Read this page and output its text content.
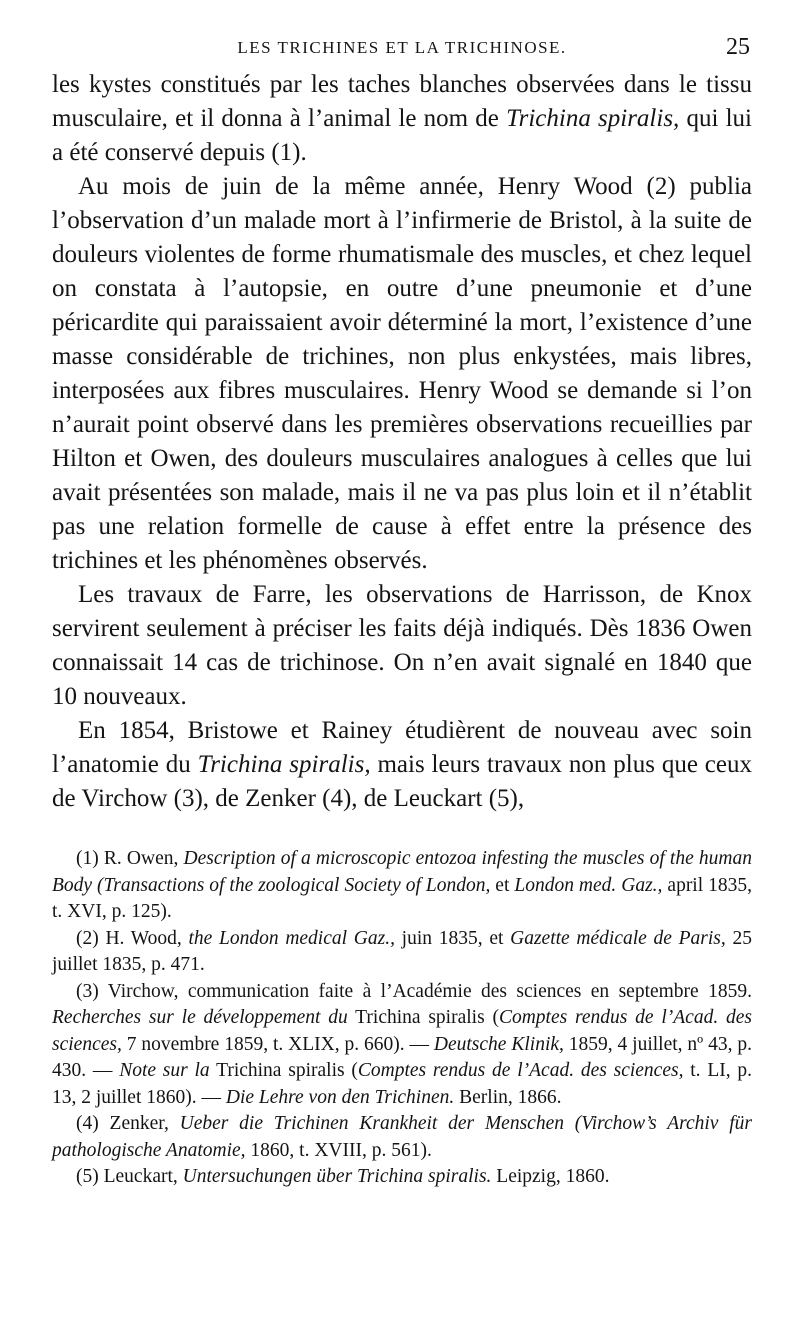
LES TRICHINES ET LA TRICHINOSE.	25

les kystes constitués par les taches blanches observées dans le tissu musculaire, et il donna à l’animal le nom de Trichina spiralis, qui lui a été conservé depuis (1).

Au mois de juin de la même année, Henry Wood (2) publia l’observation d’un malade mort à l’infirmerie de Bristol, à la suite de douleurs violentes de forme rhumatismale des muscles, et chez lequel on constata à l’autopsie, en outre d’une pneumonie et d’une péricardite qui paraissaient avoir déterminé la mort, l’existence d’une masse considérable de trichines, non plus enkystées, mais libres, interposées aux fibres musculaires. Henry Wood se demande si l’on n’aurait point observé dans les premières observations recueillies par Hilton et Owen, des douleurs musculaires analogues à celles que lui avait présentées son malade, mais il ne va pas plus loin et il n’établit pas une relation formelle de cause à effet entre la présence des trichines et les phénomènes observés.

Les travaux de Farre, les observations de Harrisson, de Knox servirent seulement à préciser les faits déjà indiqués. Dès 1836 Owen connaissait 14 cas de trichinose. On n’en avait signalé en 1840 que 10 nouveaux.

En 1854, Bristowe et Rainey étudièrent de nouveau avec soin l’anatomie du Trichina spiralis, mais leurs travaux non plus que ceux de Virchow (3), de Zenker (4), de Leuckart (5),

(1) R. Owen, Description of a microscopic entozoa infesting the muscles of the human Body (Transactions of the zoological Society of London, et London med. Gaz., april 1835, t. XVI, p. 125).

(2) H. Wood, the London medical Gaz., juin 1835, et Gazette médicale de Paris, 25 juillet 1835, p. 471.

(3) Virchow, communication faite à l’Académie des sciences en septembre 1859. Recherches sur le développement du Trichina spiralis (Comptes rendus de l’Acad. des sciences, 7 novembre 1859, t. XLIX, p. 660). — Deutsche Klinik, 1859, 4 juillet, nº 43, p. 430. — Note sur la Trichina spiralis (Comptes rendus de l’Acad. des sciences, t. LI, p. 13, 2 juillet 1860). — Die Lehre von den Trichinen. Berlin, 1866.

(4) Zenker, Ueber die Trichinen Krankheit der Menschen (Virchow’s Archiv für pathologische Anatomie, 1860, t. XVIII, p. 561).

(5) Leuckart, Untersuchungen über Trichina spiralis. Leipzig, 1860.
